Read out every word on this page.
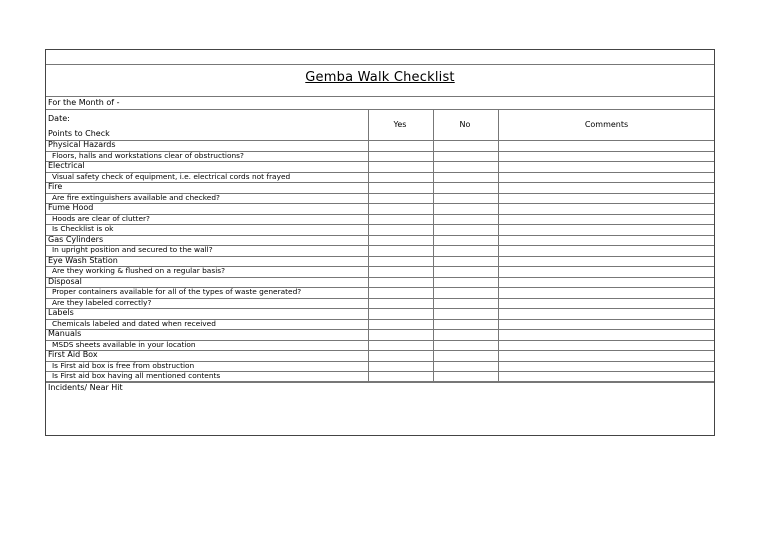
Gemba Walk Checklist
For the Month of -
Date:
Points to Check
Yes	No	Comments
Physical Hazards
Floors, halls and workstations clear of obstructions?
Electrical
Visual safety check of equipment, i.e. electrical cords not frayed
Fire
Are fire extinguishers available and checked?
Fume Hood
Hoods are clear of clutter?
Is Checklist is ok
Gas Cylinders
In upright position and secured to the wall?
Eye Wash Station
Are they working & flushed on a regular basis?
Disposal
Proper containers available for all of the types of waste generated?
Are they labeled correctly?
Labels
Chemicals labeled and dated when received
Manuals
MSDS sheets available in your location
First Aid Box
Is First aid box is free from obstruction
Is First aid box having all mentioned contents
Incidents/ Near Hit
